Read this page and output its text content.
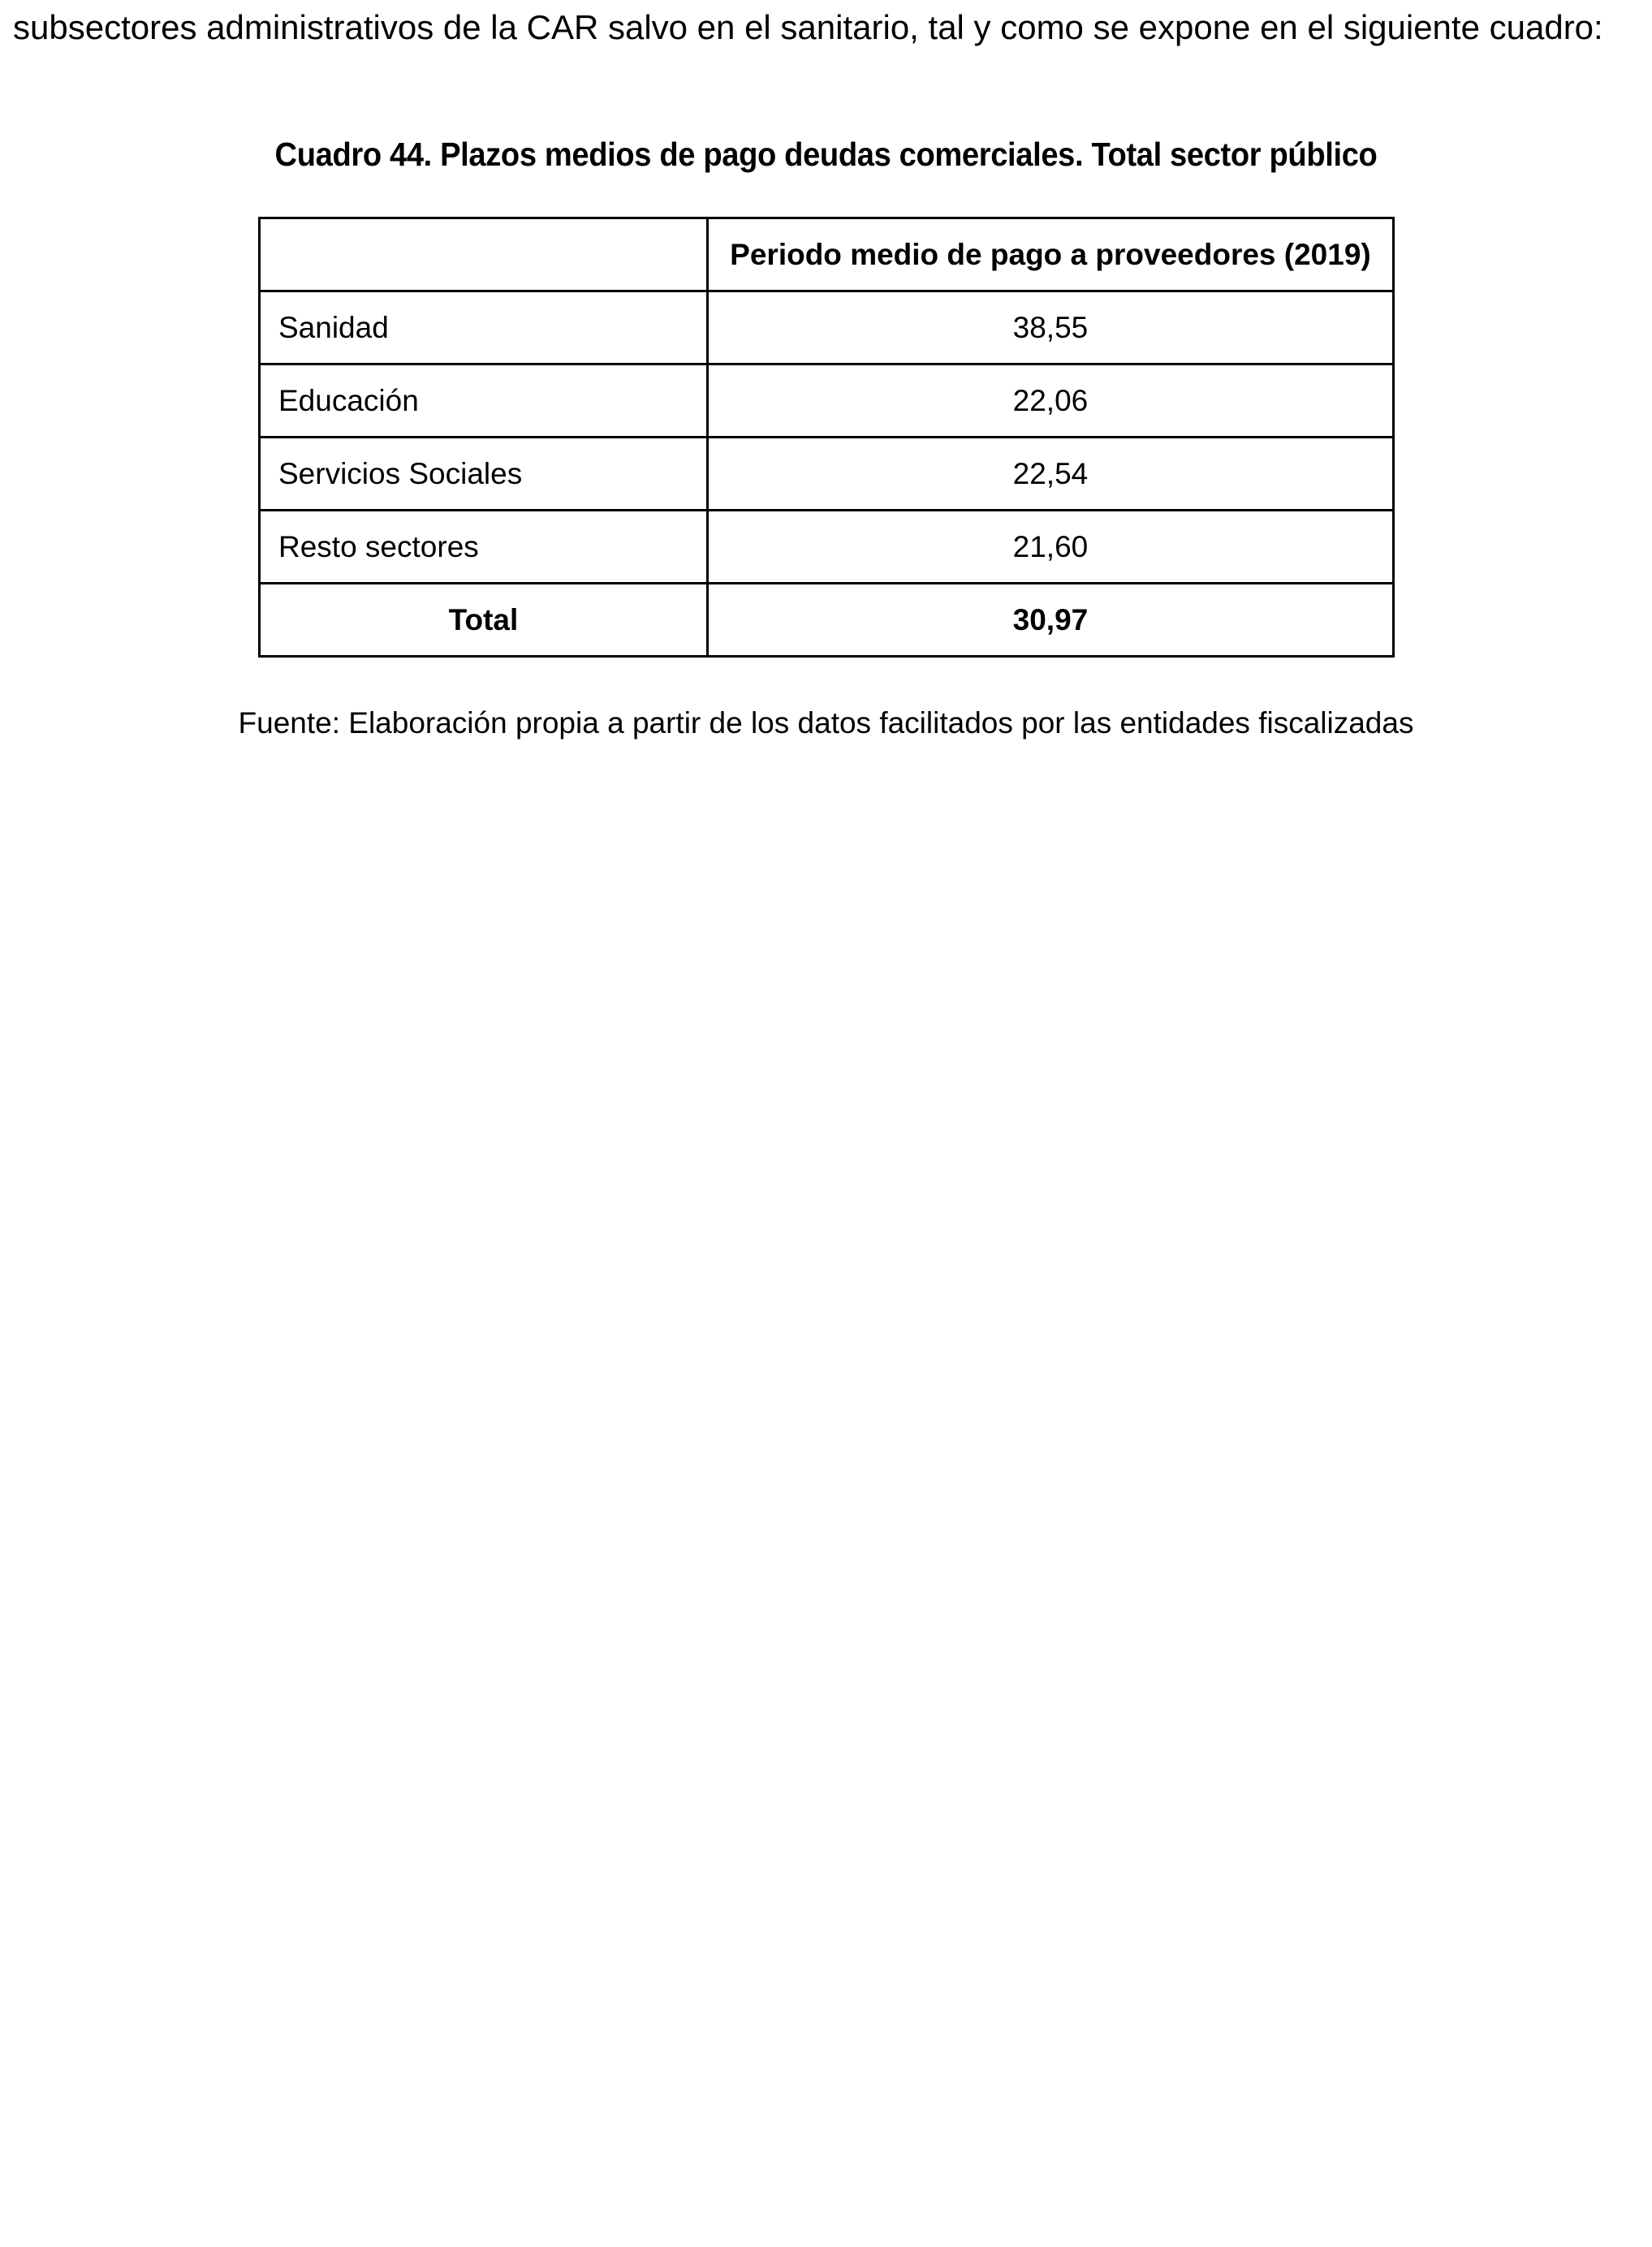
subsectores administrativos de la CAR salvo en el sanitario, tal y como se expone en el siguiente cuadro:

Cuadro 44. Plazos medios de pago deudas comerciales. Total sector público

	Periodo medio de pago a proveedores (2019)
Sanidad	38,55
Educación	22,06
Servicios Sociales	22,54
Resto sectores	21,60
Total	30,97

Fuente: Elaboración propia a partir de los datos facilitados por las entidades fiscalizadas
